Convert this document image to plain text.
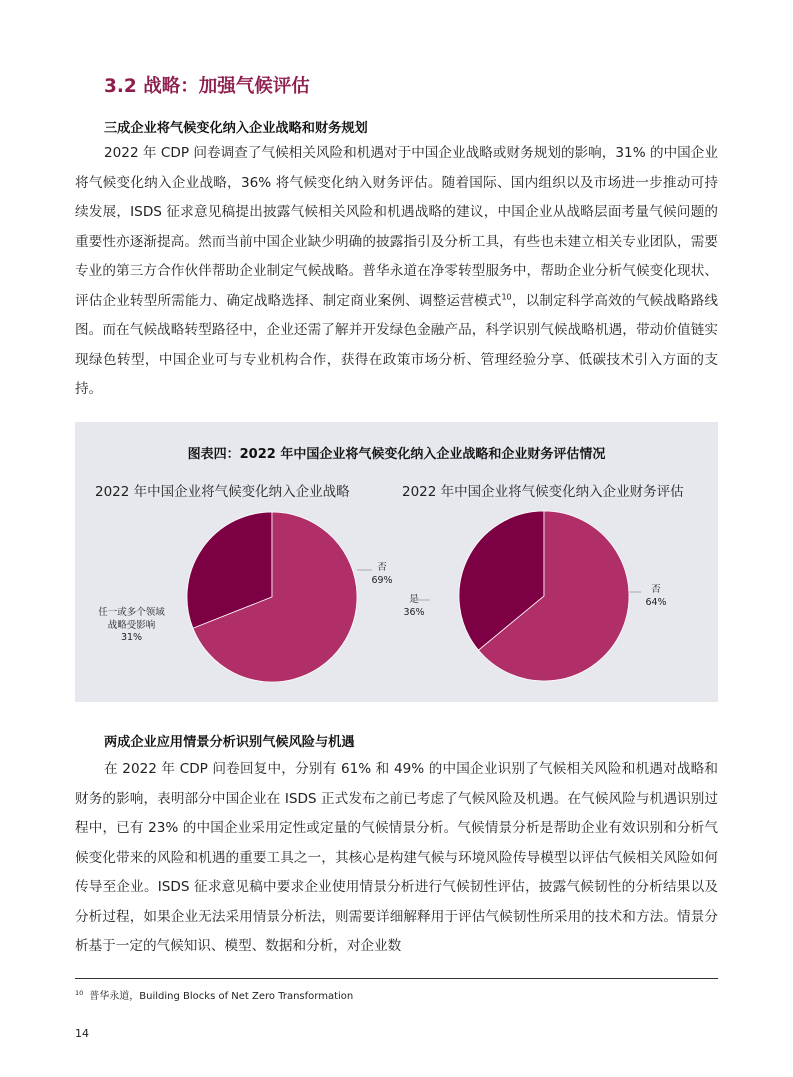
3.2 战略：加强气候评估
三成企业将气候变化纳入企业战略和财务规划

2022 年 CDP 问卷调查了气候相关风险和机遇对于中国企业战略或财务规划的影响，31% 的中国企业将气候变化纳入企业战略，36% 将气候变化纳入财务评估。随着国际、国内组织以及市场进一步推动可持续发展，ISDS 征求意见稿提出披露气候相关风险和机遇战略的建议，中国企业从战略层面考量气候问题的重要性亦逐渐提高。然而当前中国企业缺少明确的披露指引及分析工具，有些也未建立相关专业团队，需要专业的第三方合作伙伴帮助企业制定气候战略。普华永道在净零转型服务中，帮助企业分析气候变化现状、评估企业转型所需能力、确定战略选择、制定商业案例、调整运营模式$^{10}$，以制定科学高效的气候战略路线图。而在气候战略转型路径中，企业还需了解并开发绿色金融产品，科学识别气候战略机遇，带动价值链实现绿色转型，中国企业可与专业机构合作，获得在政策市场分析、管理经验分享、低碳技术引入方面的支持。

图表四：2022 年中国企业将气候变化纳入企业战略和企业财务评估情况
2022 年中国企业将气候变化纳入企业战略	2022 年中国企业将气候变化纳入企业财务评估
任一或多个领域
战略受影响
31%
否
69%
是
36%
否
64%
两成企业应用情景分析识别气候风险与机遇

在 2022 年 CDP 问卷回复中，分别有 61% 和 49% 的中国企业识别了气候相关风险和机遇对战略和财务的影响，表明部分中国企业在 ISDS 正式发布之前已考虑了气候风险及机遇。在气候风险与机遇识别过程中，已有 23% 的中国企业采用定性或定量的气候情景分析。气候情景分析是帮助企业有效识别和分析气候变化带来的风险和机遇的重要工具之一，其核心是构建气候与环境风险传导模型以评估气候相关风险如何传导至企业。ISDS 征求意见稿中要求企业使用情景分析进行气候韧性评估，披露气候韧性的分析结果以及分析过程，如果企业无法采用情景分析法，则需要详细解释用于评估气候韧性所采用的技术和方法。情景分析基于一定的气候知识、模型、数据和分析，对企业数

$^{10}$ 普华永道，Building Blocks of Net Zero Transformation
14
